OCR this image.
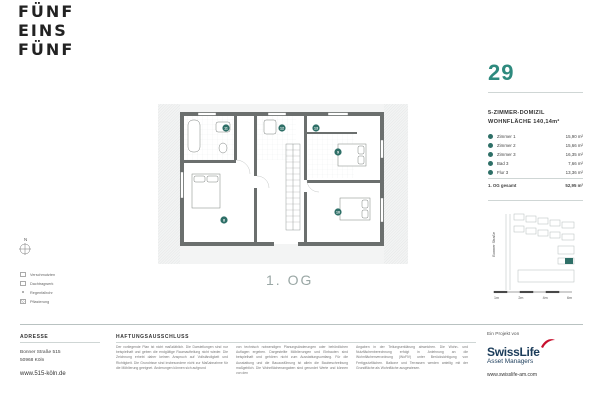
FÜNF
EINS
FÜNF
29
5-ZIMMER-DOMIZIL
WOHNFLÄCHE 140,14m²
Zimmer 1	15,90 m²
Zimmer 2	15,66 m²
Zimmer 3	16,35 m²
Bad 3	7,66 m²
Flur 3	13,36 m²
1. OG gesamt	52,95 m²
Bonner Straße
1m	2m	4m	6m
N
Verschmutzten
Dachtragwerk
Regenfallrohr
Pflasterung
11	12
8
13
9
10
1. OG
ADRESSE
Bonner Straße 515
50968 Köln
www.515-köln.de
HAFTUNGSAUSSCHLUSS
Der vorliegende Plan ist nicht maßstäblich. Die Darstellungen sind nur beispielhaft und geben die endgültige Raumaufteilung nicht wieder. Die Zeichnung erhebt daher keinen Anspruch auf Vollständigkeit und Richtigkeit. Die Grundrisse sind insbesondere nicht zur Maßabnahme für die Möblierung geeignet. Änderungen können sich aufgrund
von technisch notwendigen Planungsänderungen oder behördlichen Auflagen ergeben. Dargestellte Möblierungen und Einbauten sind beispielhaft und gehören nicht zum Ausstattungsumfang. Für die Ausstattung und die Bauausführung ist allein die Baubeschreibung maßgeblich. Die Wohnflächenangaben sind gerundet Werte und können von den
Angaben in der Teilungserklärung abweichen. Die Wohn- und Nutzflächenberechnung erfolgt in Anlehnung an die Wohnflächenverordnung (WoFlV) unter Berücksichtigung von Fertigputzflächen. Balkone und Terrassen werden anteilig mit der Grundfläche als Wohnfläche ausgewiesen.
Ein Projekt von
SwissLife
Asset Managers
www.swisslife-am.com
